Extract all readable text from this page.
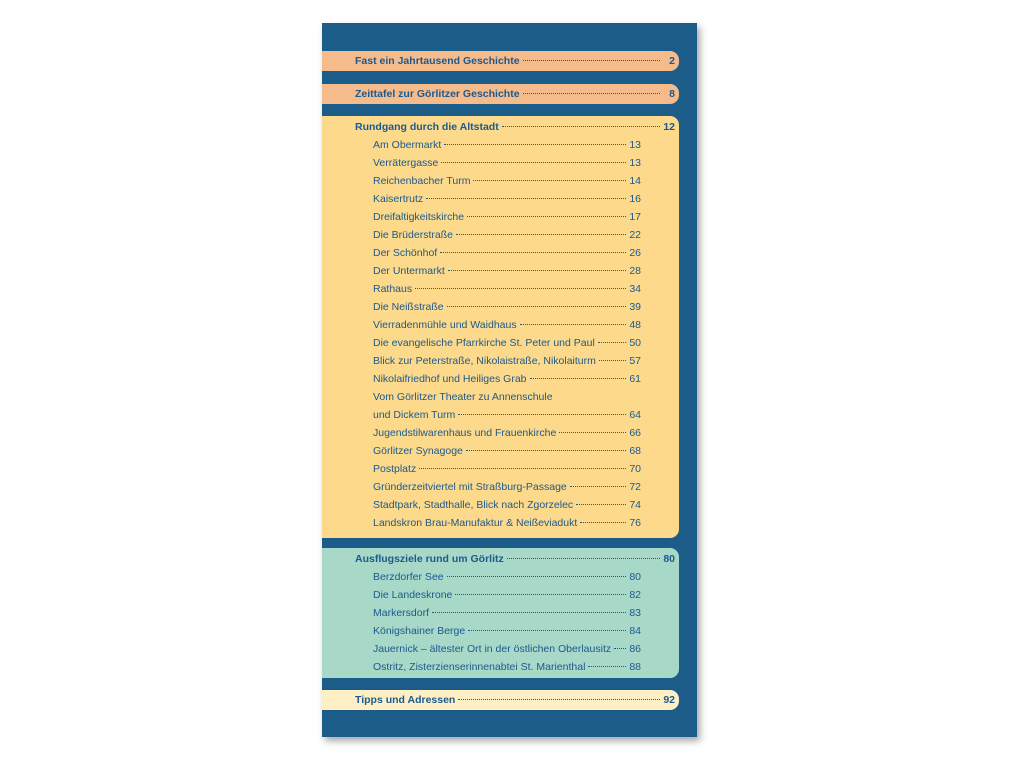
Fast ein Jahrtausend Geschichte	2
Zeittafel zur Görlitzer Geschichte	8
Rundgang durch die Altstadt	12
Am Obermarkt	13
Verrätergasse	13
Reichenbacher Turm	14
Kaisertrutz	16
Dreifaltigkeitskirche	17
Die Brüderstraße	22
Der Schönhof	26
Der Untermarkt	28
Rathaus	34
Die Neißstraße	39
Vierradenmühle und Waidhaus	48
Die evangelische Pfarrkirche St. Peter und Paul	50
Blick zur Peterstraße, Nikolaistraße, Nikolaiturm	57
Nikolaifriedhof und Heiliges Grab	61
Vom Görlitzer Theater zu Annenschule
und Dickem Turm	64
Jugendstilwarenhaus und Frauenkirche	66
Görlitzer Synagoge	68
Postplatz	70
Gründerzeitviertel mit Straßburg-Passage	72
Stadtpark, Stadthalle, Blick nach Zgorzelec	74
Landskron Brau-Manufaktur & Neißeviadukt	76
Ausflugsziele rund um Görlitz	80
Berzdorfer See	80
Die Landeskrone	82
Markersdorf	83
Königshainer Berge	84
Jauernick – ältester Ort in der östlichen Oberlausitz 86
Ostritz, Zisterzienserinnenabtei St. Marienthal	88
Tipps und Adressen	92
